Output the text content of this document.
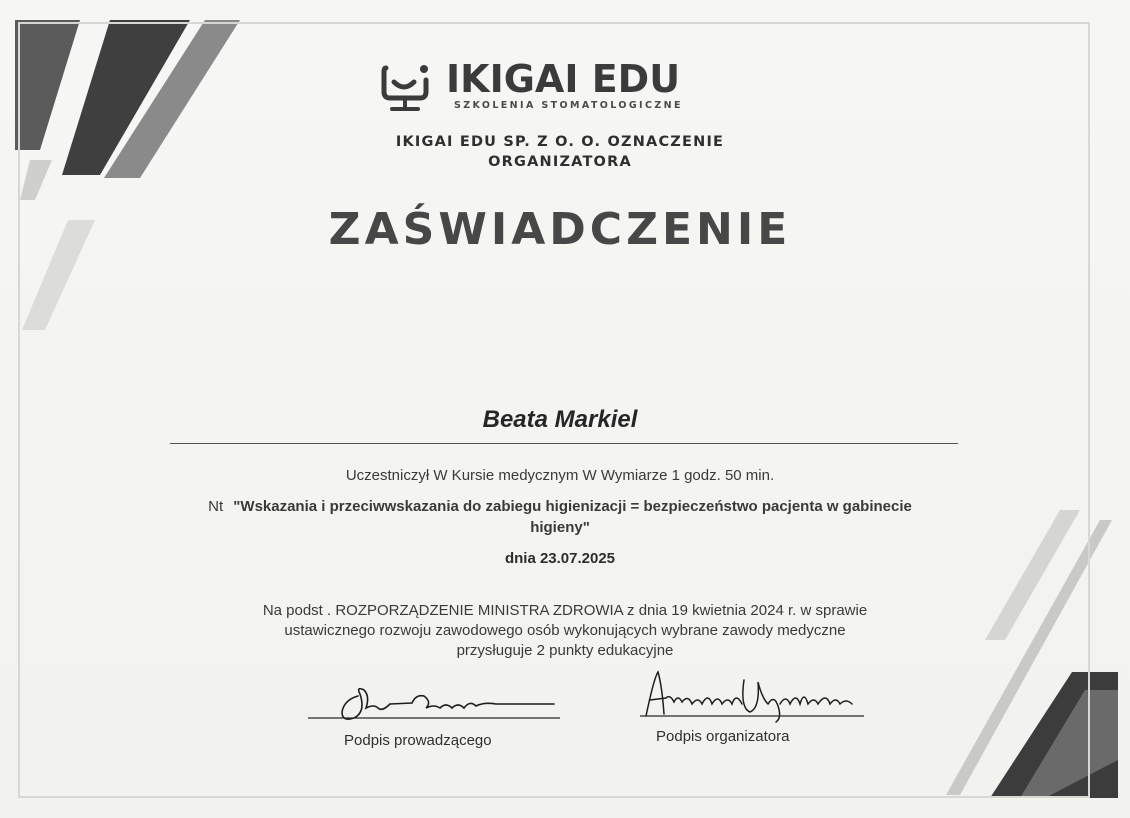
IKIGAI EDU
SZKOLENIA STOMATOLOGICZNE
IKIGAI EDU SP. Z O. O. OZNACZENIE
ORGANIZATORA
ZAŚWIADCZENIE
Beata Markiel
Uczestniczył W Kursie medycznym W Wymiarze 1 godz. 50 min.
Nt "Wskazania i przeciwwskazania do zabiegu higienizacji = bezpieczeństwo pacjenta w gabinecie higieny"
dnia 23.07.2025
Na podst . ROZPORZĄDZENIE MINISTRA ZDROWIA z dnia 19 kwietnia 2024 r. w sprawie
ustawicznego rozwoju zawodowego osób wykonujących wybrane zawody medyczne
przysługuje 2 punkty edukacyjne
Podpis prowadzącego	Podpis organizatora
